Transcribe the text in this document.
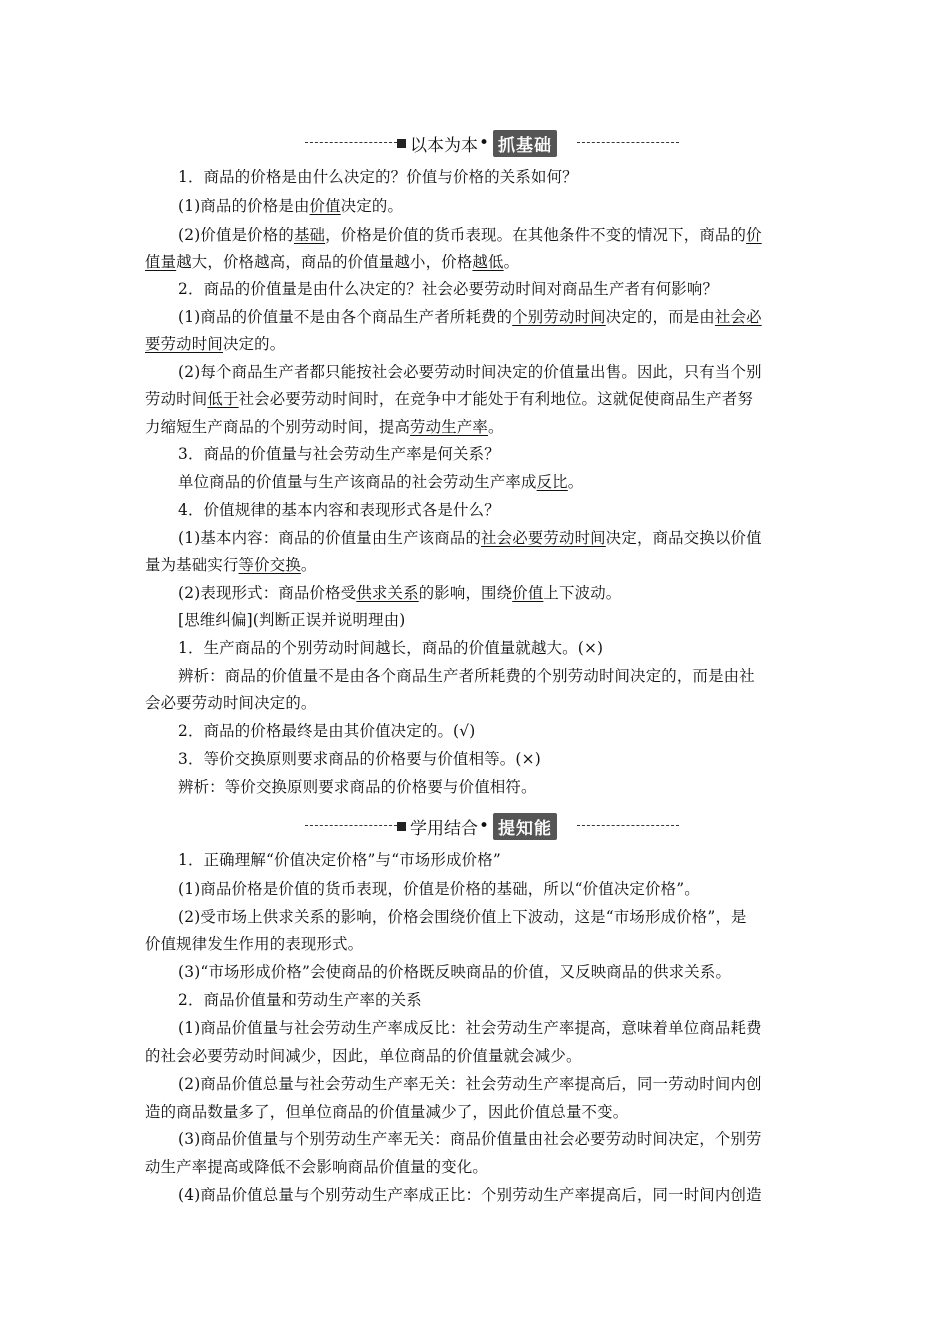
以本为本 • 抓基础
1．商品的价格是由什么决定的？价值与价格的关系如何？
(1)商品的价格是由价值决定的。
(2)价值是价格的基础，价格是价值的货币表现。在其他条件不变的情况下，商品的价
值量越大，价格越高，商品的价值量越小，价格越低。
2．商品的价值量是由什么决定的？社会必要劳动时间对商品生产者有何影响？
(1)商品的价值量不是由各个商品生产者所耗费的个别劳动时间决定的，而是由社会必
要劳动时间决定的。
(2)每个商品生产者都只能按社会必要劳动时间决定的价值量出售。因此，只有当个别
劳动时间低于社会必要劳动时间时，在竞争中才能处于有利地位。这就促使商品生产者努
力缩短生产商品的个别劳动时间，提高劳动生产率。
3．商品的价值量与社会劳动生产率是何关系？
单位商品的价值量与生产该商品的社会劳动生产率成反比。
4．价值规律的基本内容和表现形式各是什么？
(1)基本内容：商品的价值量由生产该商品的社会必要劳动时间决定，商品交换以价值
量为基础实行等价交换。
(2)表现形式：商品价格受供求关系的影响，围绕价值上下波动。
[思维纠偏](判断正误并说明理由)
1．生产商品的个别劳动时间越长，商品的价值量就越大。(×)
辨析：商品的价值量不是由各个商品生产者所耗费的个别劳动时间决定的，而是由社
会必要劳动时间决定的。
2．商品的价格最终是由其价值决定的。(√)
3．等价交换原则要求商品的价格要与价值相等。(×)
辨析：等价交换原则要求商品的价格要与价值相符。
学用结合 • 提知能
1．正确理解“价值决定价格”与“市场形成价格”
(1)商品价格是价值的货币表现，价值是价格的基础，所以“价值决定价格”。
(2)受市场上供求关系的影响，价格会围绕价值上下波动，这是“市场形成价格”，是
价值规律发生作用的表现形式。
(3)“市场形成价格”会使商品的价格既反映商品的价值，又反映商品的供求关系。
2．商品价值量和劳动生产率的关系
(1)商品价值量与社会劳动生产率成反比：社会劳动生产率提高，意味着单位商品耗费
的社会必要劳动时间减少，因此，单位商品的价值量就会减少。
(2)商品价值总量与社会劳动生产率无关：社会劳动生产率提高后，同一劳动时间内创
造的商品数量多了，但单位商品的价值量减少了，因此价值总量不变。
(3)商品价值量与个别劳动生产率无关：商品价值量由社会必要劳动时间决定，个别劳
动生产率提高或降低不会影响商品价值量的变化。
(4)商品价值总量与个别劳动生产率成正比：个别劳动生产率提高后，同一时间内创造
